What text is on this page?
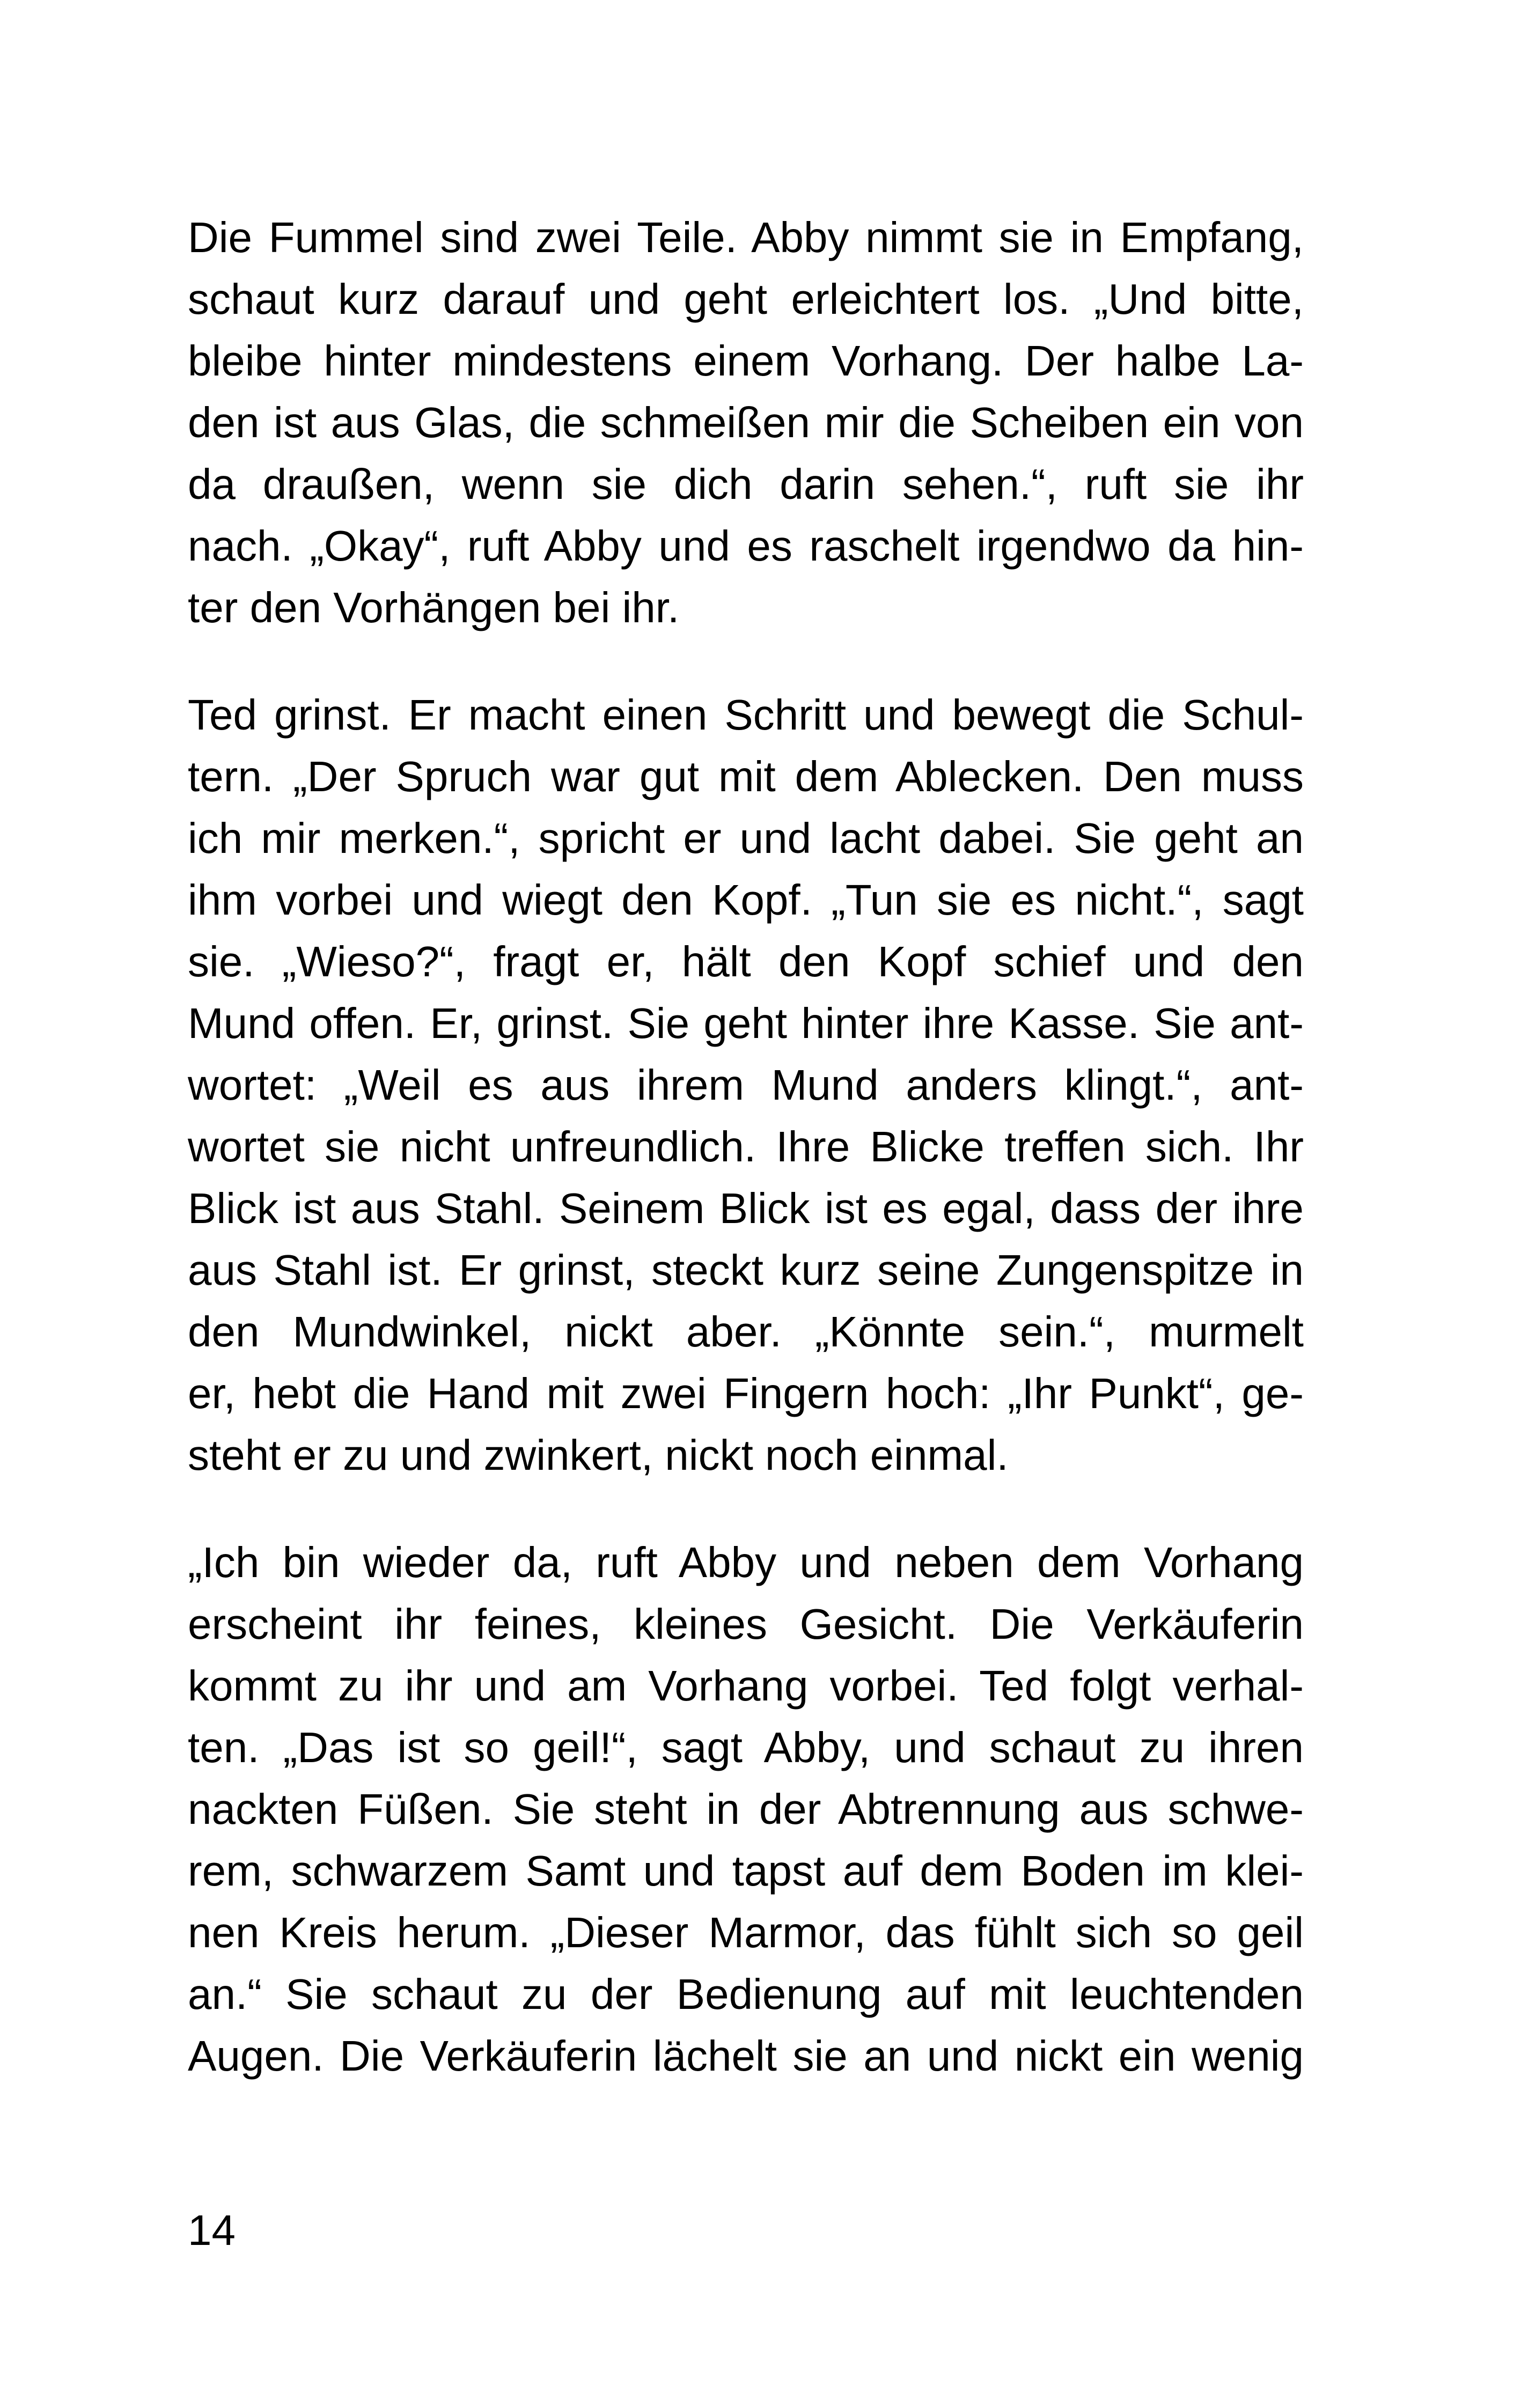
Die Fummel sind zwei Teile. Abby nimmt sie in Empfang,
schaut kurz darauf und geht erleichtert los. „Und bitte,
bleibe hinter mindestens einem Vorhang. Der halbe La-
den ist aus Glas, die schmeißen mir die Scheiben ein von
da draußen, wenn sie dich darin sehen.“, ruft sie ihr
nach. „Okay“, ruft Abby und es raschelt irgendwo da hin-
ter den Vorhängen bei ihr.
Ted grinst. Er macht einen Schritt und bewegt die Schul-
tern. „Der Spruch war gut mit dem Ablecken. Den muss
ich mir merken.“, spricht er und lacht dabei. Sie geht an
ihm vorbei und wiegt den Kopf. „Tun sie es nicht.“, sagt
sie. „Wieso?“, fragt er, hält den Kopf schief und den
Mund offen. Er, grinst. Sie geht hinter ihre Kasse. Sie ant-
wortet: „Weil es aus ihrem Mund anders klingt.“, ant-
wortet sie nicht unfreundlich. Ihre Blicke treffen sich. Ihr
Blick ist aus Stahl. Seinem Blick ist es egal, dass der ihre
aus Stahl ist. Er grinst, steckt kurz seine Zungenspitze in
den Mundwinkel, nickt aber. „Könnte sein.“, murmelt
er, hebt die Hand mit zwei Fingern hoch: „Ihr Punkt“, ge-
steht er zu und zwinkert, nickt noch einmal.
„Ich bin wieder da, ruft Abby und neben dem Vorhang
erscheint ihr feines, kleines Gesicht. Die Verkäuferin
kommt zu ihr und am Vorhang vorbei. Ted folgt verhal-
ten. „Das ist so geil!“, sagt Abby, und schaut zu ihren
nackten Füßen. Sie steht in der Abtrennung aus schwe-
rem, schwarzem Samt und tapst auf dem Boden im klei-
nen Kreis herum. „Dieser Marmor, das fühlt sich so geil
an.“ Sie schaut zu der Bedienung auf mit leuchtenden
Augen. Die Verkäuferin lächelt sie an und nickt ein wenig
14
